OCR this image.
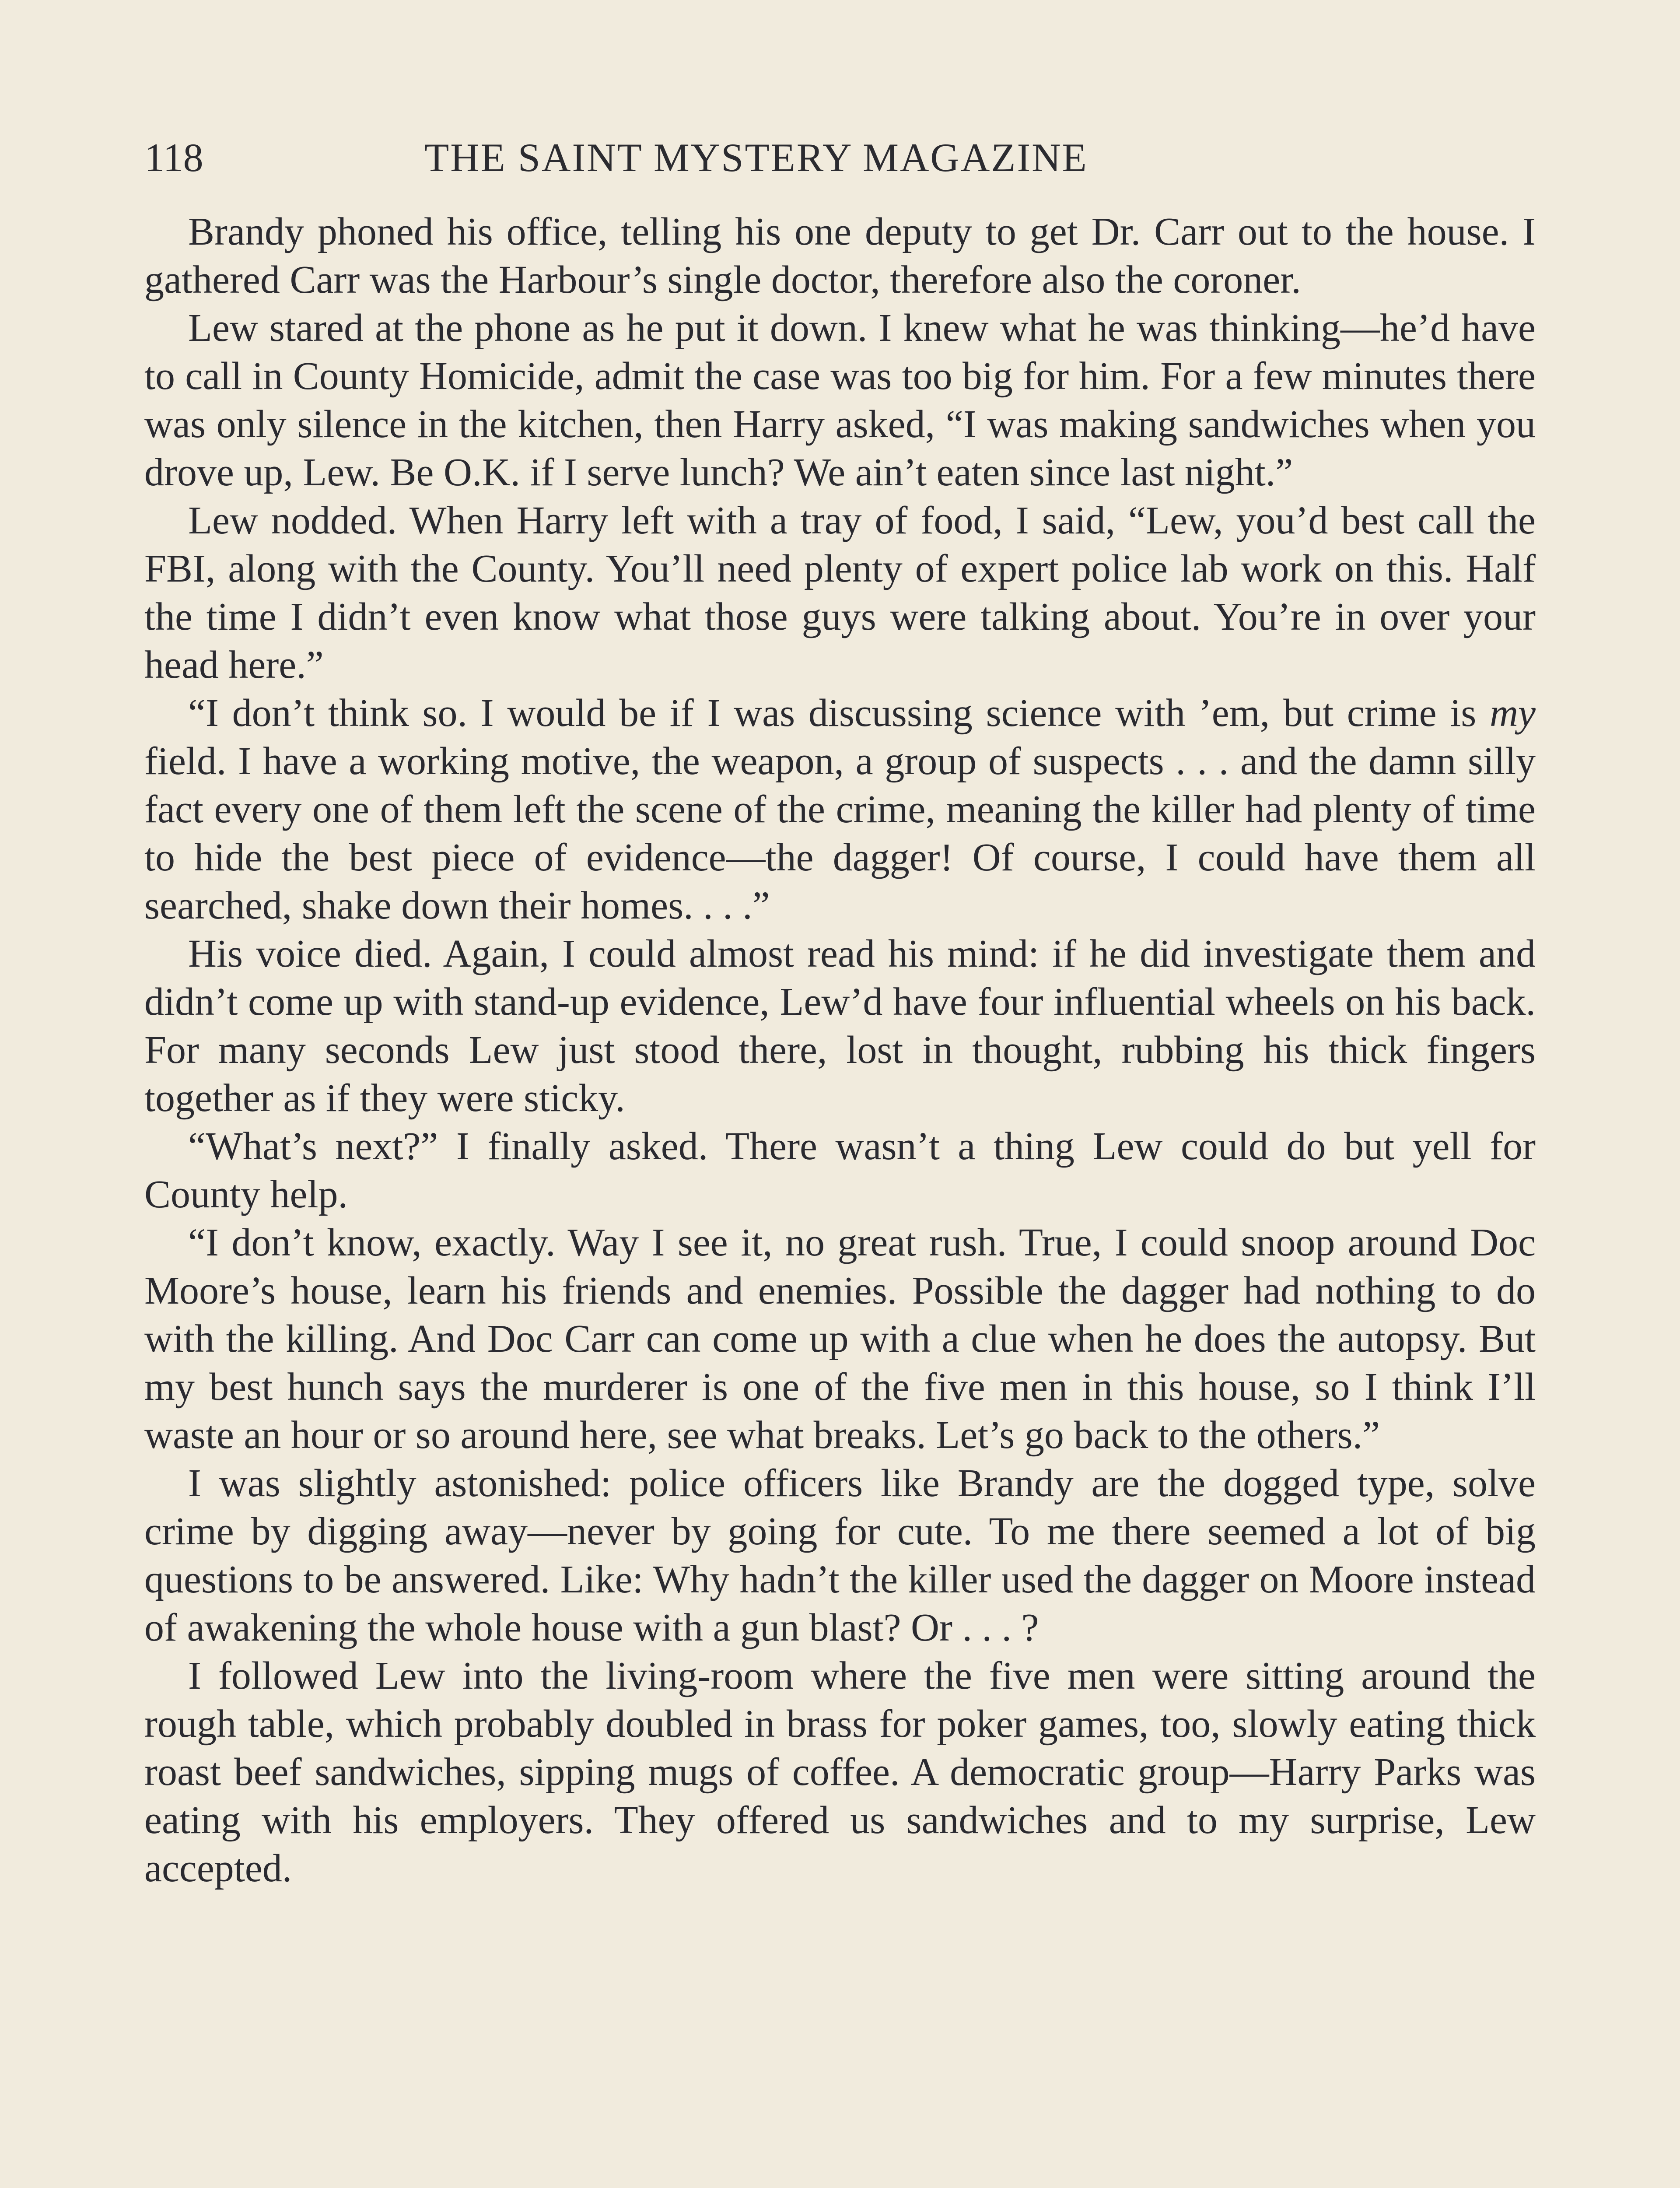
118	THE SAINT MYSTERY MAGAZINE

Brandy phoned his office, telling his one deputy to get Dr. Carr out to the house. I gathered Carr was the Harbour’s single doctor, therefore also the coroner.

Lew stared at the phone as he put it down. I knew what he was thinking—he’d have to call in County Homicide, admit the case was too big for him. For a few minutes there was only silence in the kitchen, then Harry asked, “I was making sandwiches when you drove up, Lew. Be O.K. if I serve lunch? We ain’t eaten since last night.”

Lew nodded. When Harry left with a tray of food, I said, “Lew, you’d best call the FBI, along with the County. You’ll need plenty of expert police lab work on this. Half the time I didn’t even know what those guys were talking about. You’re in over your head here.”

“I don’t think so. I would be if I was discussing science with ’em, but crime is my field. I have a working motive, the weapon, a group of suspects . . . and the damn silly fact every one of them left the scene of the crime, meaning the killer had plenty of time to hide the best piece of evidence—the dagger! Of course, I could have them all searched, shake down their homes. . . .”

His voice died. Again, I could almost read his mind: if he did investigate them and didn’t come up with stand-up evidence, Lew’d have four influential wheels on his back. For many seconds Lew just stood there, lost in thought, rubbing his thick fingers together as if they were sticky.

“What’s next?” I finally asked. There wasn’t a thing Lew could do but yell for County help.

“I don’t know, exactly. Way I see it, no great rush. True, I could snoop around Doc Moore’s house, learn his friends and enemies. Possible the dagger had nothing to do with the killing. And Doc Carr can come up with a clue when he does the autopsy. But my best hunch says the murderer is one of the five men in this house, so I think I’ll waste an hour or so around here, see what breaks. Let’s go back to the others.”

I was slightly astonished: police officers like Brandy are the dogged type, solve crime by digging away—never by going for cute. To me there seemed a lot of big questions to be answered. Like: Why hadn’t the killer used the dagger on Moore instead of awakening the whole house with a gun blast? Or . . . ?

I followed Lew into the living-room where the five men were sitting around the rough table, which probably doubled in brass for poker games, too, slowly eating thick roast beef sandwiches, sipping mugs of coffee. A democratic group—Harry Parks was eating with his employers. They offered us sandwiches and to my surprise, Lew accepted.
